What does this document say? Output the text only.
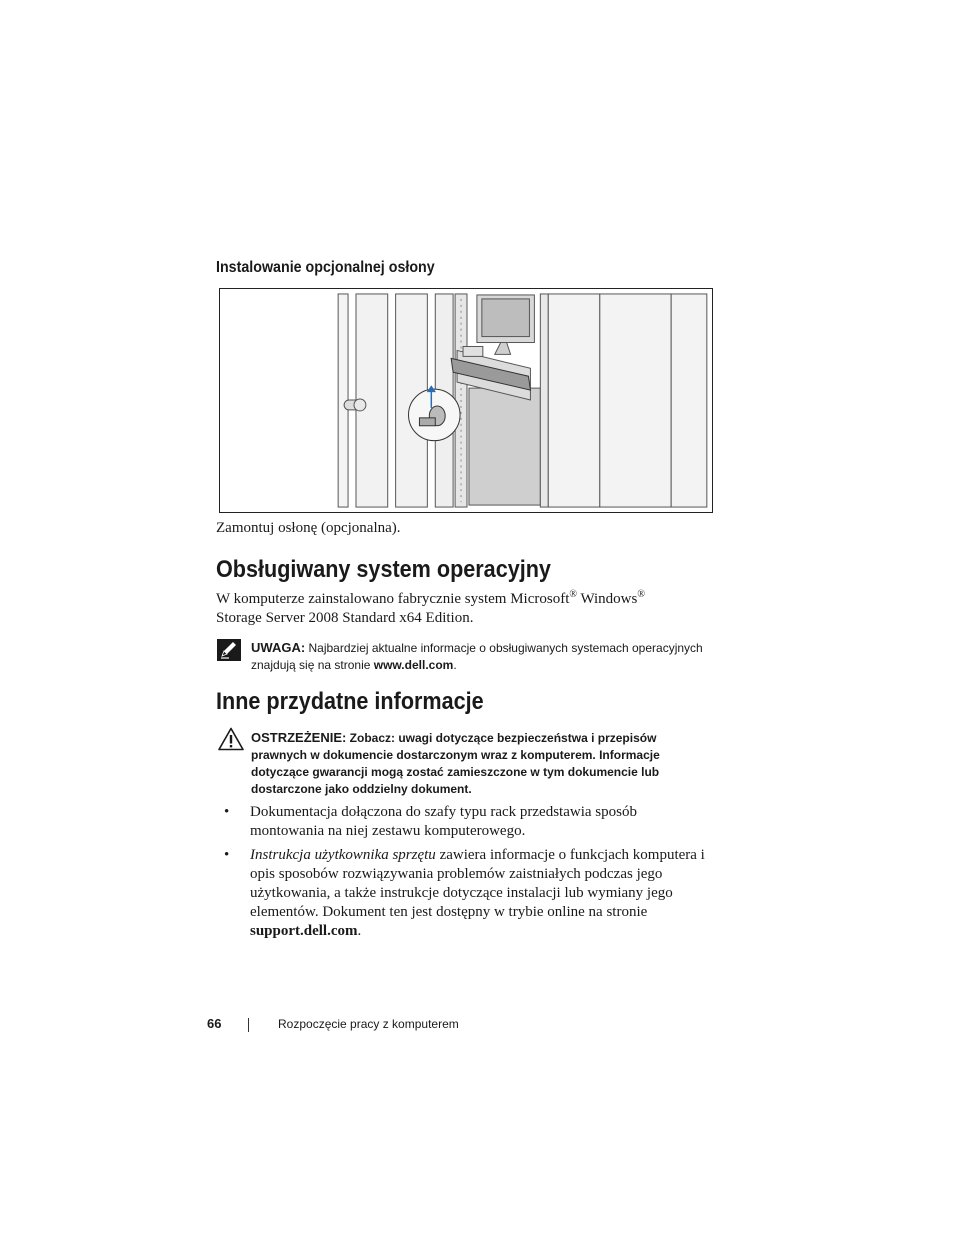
Instalowanie opcjonalnej osłony
Zamontuj osłonę (opcjonalna).
Obsługiwany system operacyjny
W komputerze zainstalowano fabrycznie system Microsoft® Windows®
Storage Server 2008 Standard x64 Edition.
UWAGA: Najbardziej aktualne informacje o obsługiwanych systemach operacyjnych znajdują się na stronie www.dell.com.
Inne przydatne informacje
OSTRZEŻENIE: Zobacz: uwagi dotyczące bezpieczeństwa i przepisów prawnych w dokumencie dostarczonym wraz z komputerem. Informacje dotyczące gwarancji mogą zostać zamieszczone w tym dokumencie lub dostarczone jako oddzielny dokument.
• Dokumentacja dołączona do szafy typu rack przedstawia sposób montowania na niej zestawu komputerowego.
• Instrukcja użytkownika sprzętu zawiera informacje o funkcjach komputera i opis sposobów rozwiązywania problemów zaistniałych podczas jego użytkowania, a także instrukcje dotyczące instalacji lub wymiany jego elementów. Dokument ten jest dostępny w trybie online na stronie support.dell.com.
66	Rozpoczęcie pracy z komputerem
